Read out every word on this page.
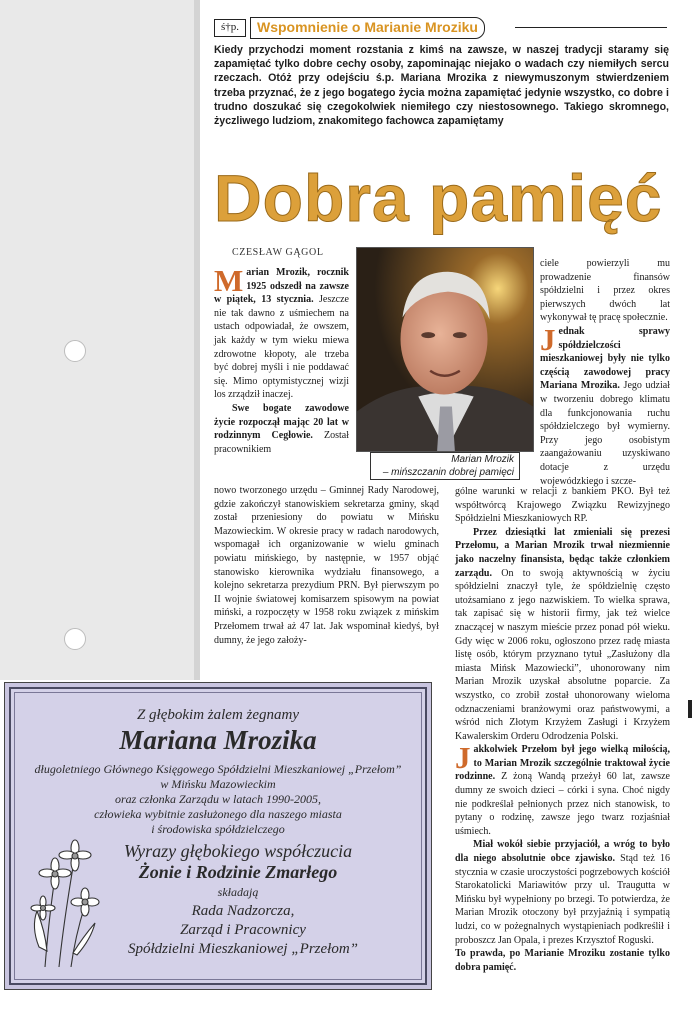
ś†p.	Wspomnienie o Marianie Mroziku
Kiedy przychodzi moment rozstania z kimś na zawsze, w naszej tradycji staramy się zapamiętać tylko dobre cechy osoby, zapominając niejako o wadach czy niemiłych sercu rzeczach. Otóż przy odejściu ś.p. Mariana Mrozika z niewymuszonym stwierdzeniem trzeba przyznać, że z jego bogatego życia można zapamiętać jedynie wszystko, co dobre i trudno doszukać się czegokolwiek niemiłego czy niestosownego. Takiego skromnego, życzliwego ludziom, znakomitego fachowca zapamiętamy
Dobra pamięć
CZESŁAW GĄGOL

Marian Mrozik, rocznik 1925 odszedł na zawsze w piątek, 13 stycznia. Jeszcze nie tak dawno z uśmiechem na ustach odpowiadał, że owszem, jak każdy w tym wieku miewa zdrowotne kłopoty, ale trzeba być dobrej myśli i nie poddawać się. Mimo optymistycznej wizji los zrządził inaczej.

Swe bogate zawodowe życie rozpoczął mając 20 lat w rodzinnym Cegłowie. Został pracownikiem

Marian Mrozik
– mińszczanin dobrej pamięci

ciele powierzyli mu prowadzenie finansów spółdzielni i przez okres pierwszych dwóch lat wykonywał tę pracę społecznie.

Jednak sprawy spółdzielczości mieszkaniowej były nie tylko częścią zawodowej pracy Mariana Mrozika. Jego udział w tworzeniu dobrego klimatu dla funkcjonowania ruchu spółdzielczego był wymierny. Przy jego osobistym zaangażowaniu uzyskiwano dotacje z urzędu wojewódzkiego i szcze-

nowo tworzonego urzędu – Gminnej Rady Narodowej, gdzie zakończył stanowiskiem sekretarza gminy, skąd został przeniesiony do powiatu w Mińsku Mazowieckim. W okresie pracy w radach narodowych, wspomagał ich organizowanie w wielu gminach powiatu mińskiego, by następnie, w 1957 objąć stanowisko kierownika wydziału finansowego, a kolejno sekretarza prezydium PRN. Był pierwszym po II wojnie światowej komisarzem spisowym na powiat miński, a rozpoczęty w 1958 roku związek z mińskim Przełomem trwał aż 47 lat. Jak wspominał kiedyś, był dumny, że jego założy-

gólne warunki w relacji z bankiem PKO. Był też współtwórcą Krajowego Związku Rewizyjnego Spółdzielni Mieszkaniowych RP.

Przez dziesiątki lat zmieniali się prezesi Przełomu, a Marian Mrozik trwał niezmiennie jako naczelny finansista, będąc także członkiem zarządu. On to swoją aktywnością w życiu spółdzielni znaczył tyle, że spółdzielnię często utożsamiano z jego nazwiskiem. To wielka sprawa, tak zapisać się w historii firmy, jak też wielce znaczącej w naszym mieście przez ponad pół wieku. Gdy więc w 2006 roku, ogłoszono przez radę miasta listę osób, którym przyznano tytuł „Zasłużony dla miasta Mińsk Mazowiecki”, uhonorowany nim Marian Mrozik uzyskał absolutne poparcie. Za wszystko, co zrobił został uhonorowany wieloma odznaczeniami branżowymi oraz państwowymi, a wśród nich Złotym Krzyżem Zasługi i Krzyżem Kawalerskim Orderu Odrodzenia Polski.

Jakkolwiek Przełom był jego wielką miłością, to Marian Mrozik szczególnie traktował życie rodzinne. Z żoną Wandą przeżył 60 lat, zawsze dumny ze swoich dzieci – córki i syna. Choć nigdy nie podkreślał pełnionych przez nich stanowisk, to pytany o rodzinę, zawsze jego twarz rozjaśniał uśmiech.

Miał wokół siebie przyjaciół, a wróg to było dla niego absolutnie obce zjawisko. Stąd też 16 stycznia w czasie uroczystości pogrzebowych kościół Starokatolicki Mariawitów przy ul. Traugutta w Mińsku był wypełniony po brzegi. To potwierdza, że Marian Mrozik otoczony był przyjaźnią i sympatią ludzi, co w pożegnalnych wystąpieniach podkreślił i proboszcz Jan Opala, i prezes Krzysztof Roguski.

To prawda, po Marianie Mroziku zostanie tylko dobra pamięć.

Z głębokim żalem żegnamy
Mariana Mrozika
długoletniego Głównego Księgowego Spółdzielni Mieszkaniowej „Przełom”
w Mińsku Mazowieckim
oraz członka Zarządu w latach 1990-2005,
człowieka wybitnie zasłużonego dla naszego miasta
i środowiska spółdzielczego
Wyrazy głębokiego współczucia
Żonie i Rodzinie Zmarłego
składają
Rada Nadzorcza,
Zarząd i Pracownicy
Spółdzielni Mieszkaniowej „Przełom”
